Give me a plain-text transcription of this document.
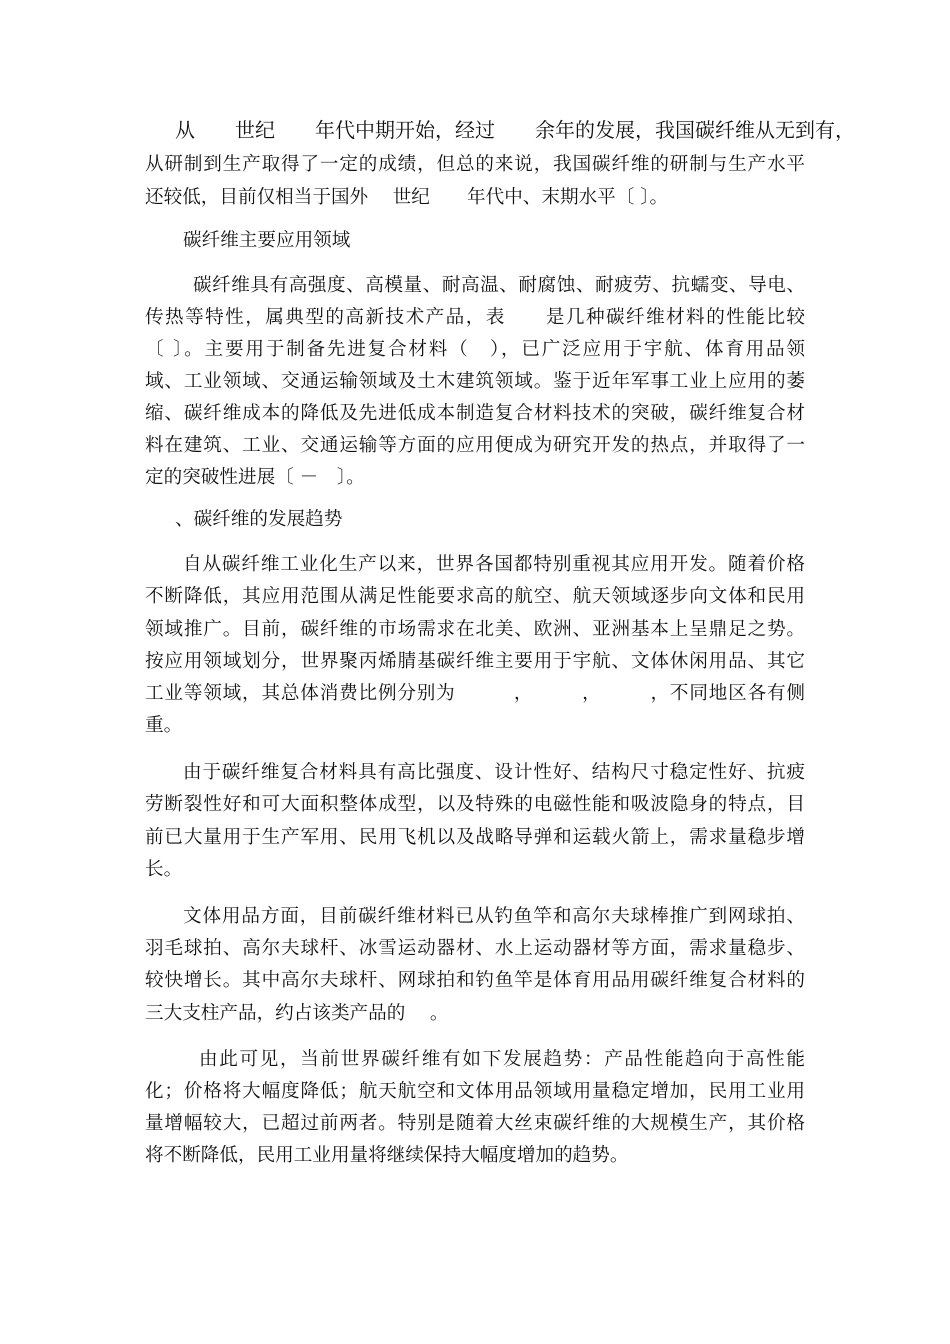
从　　世纪　　年代中期开始，经过　　余年的发展，我国碳纤维从无到有，
从研制到生产取得了一定的成绩，但总的来说，我国碳纤维的研制与生产水平
还较低，目前仅相当于国外　 世纪　　年代中、末期水平〔 〕。
碳纤维主要应用领域
碳纤维具有高强度、高模量、耐高温、耐腐蚀、耐疲劳、抗蠕变、导电、
传热等特性，属典型的高新技术产品，表　　是几种碳纤维材料的性能比较
〔 〕。主要用于制备先进复合材料（　），已广泛应用于宇航、体育用品领
域、工业领域、交通运输领域及土木建筑领域。鉴于近年军事工业上应用的萎
缩、碳纤维成本的降低及先进低成本制造复合材料技术的突破，碳纤维复合材
料在建筑、工业、交通运输等方面的应用便成为研究开发的热点，并取得了一
定的突破性进展〔 －　〕。
、碳纤维的发展趋势
自从碳纤维工业化生产以来，世界各国都特别重视其应用开发。随着价格
不断降低，其应用范围从满足性能要求高的航空、航天领域逐步向文体和民用
领域推广。目前，碳纤维的市场需求在北美、欧洲、亚洲基本上呈鼎足之势。
按应用领域划分，世界聚丙烯腈基碳纤维主要用于宇航、文体休闲用品、其它
工业等领域，其总体消费比例分别为　　　，　　　，　　　，不同地区各有侧
重。
由于碳纤维复合材料具有高比强度、设计性好、结构尺寸稳定性好、抗疲
劳断裂性好和可大面积整体成型，以及特殊的电磁性能和吸波隐身的特点，目
前已大量用于生产军用、民用飞机以及战略导弹和运载火箭上，需求量稳步增
长。
文体用品方面，目前碳纤维材料已从钓鱼竿和高尔夫球棒推广到网球拍、
羽毛球拍、高尔夫球杆、冰雪运动器材、水上运动器材等方面，需求量稳步、
较快增长。其中高尔夫球杆、网球拍和钓鱼竿是体育用品用碳纤维复合材料的
三大支柱产品，约占该类产品的　 。
由此可见，当前世界碳纤维有如下发展趋势：产品性能趋向于高性能
化；价格将大幅度降低；航天航空和文体用品领域用量稳定增加，民用工业用
量增幅较大，已超过前两者。特别是随着大丝束碳纤维的大规模生产，其价格
将不断降低，民用工业用量将继续保持大幅度增加的趋势。
